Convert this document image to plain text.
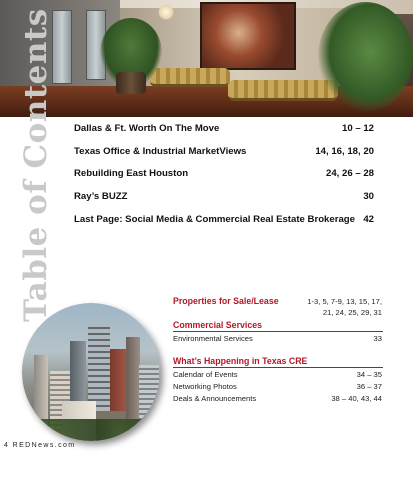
Table of Contents Dallas & Ft. Worth On The Move	10 – 12
Texas Office & Industrial MarketViews	14, 16, 18, 20
Rebuilding East Houston	24, 26 – 28
Ray’s BUZZ	30
Last Page: Social Media & Commercial Real Estate Brokerage 42
Properties for Sale/Lease	1-3, 5, 7-9, 13, 15, 17,
21, 24, 25, 29, 31
Commercial Services
Environmental Services	33
What’s Happening in Texas CRE
Calendar of Events	34 – 35
Networking Photos	36 – 37
Deals & Announcements	38 – 40, 43, 44
4 REDNews.com
